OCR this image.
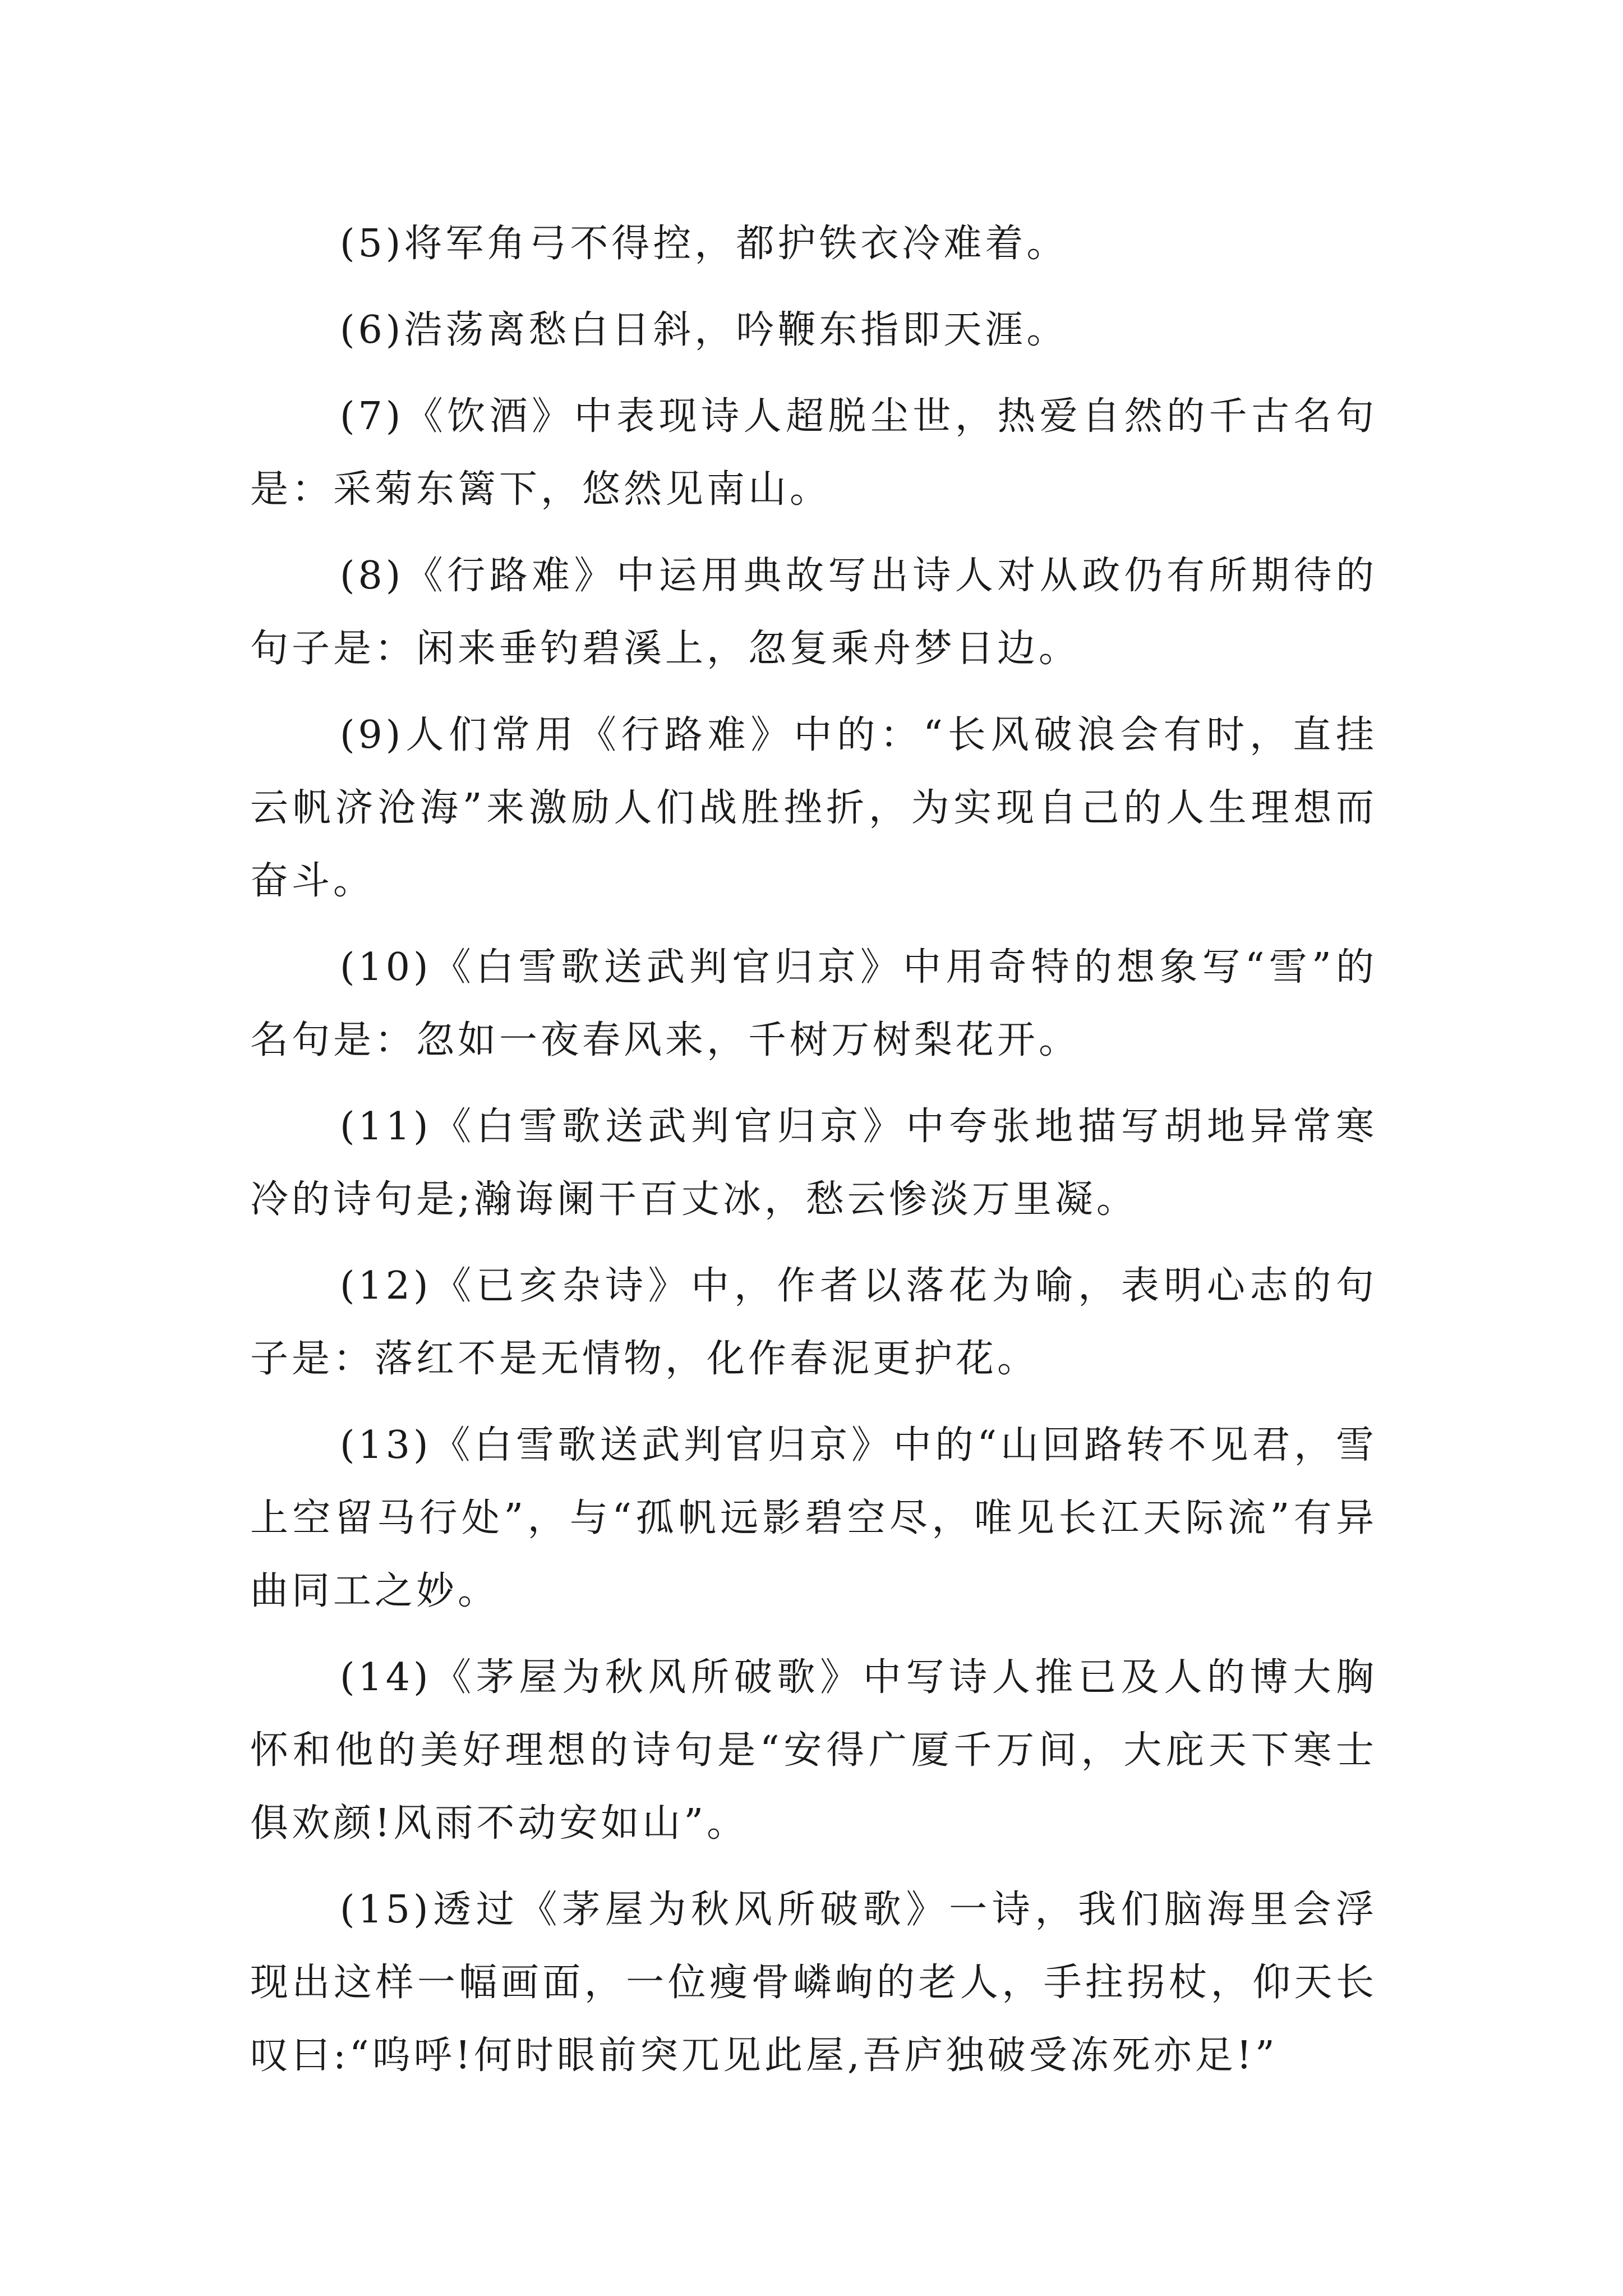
(5)将军角弓不得控，都护铁衣冷难着。

(6)浩荡离愁白日斜，吟鞭东指即天涯。

(7)《饮酒》中表现诗人超脱尘世，热爱自然的千古名句是：采菊东篱下，悠然见南山。

(8)《行路难》中运用典故写出诗人对从政仍有所期待的句子是：闲来垂钓碧溪上，忽复乘舟梦日边。

(9)人们常用《行路难》中的：“长风破浪会有时，直挂云帆济沧海”来激励人们战胜挫折，为实现自己的人生理想而奋斗。

(10)《白雪歌送武判官归京》中用奇特的想象写“雪”的名句是：忽如一夜春风来，千树万树梨花开。

(11)《白雪歌送武判官归京》中夸张地描写胡地异常寒冷的诗句是;瀚诲阑干百丈冰，愁云惨淡万里凝。

(12)《已亥杂诗》中，作者以落花为喻，表明心志的句子是：落红不是无情物，化作春泥更护花。

(13)《白雪歌送武判官归京》中的“山回路转不见君，雪上空留马行处”，与“孤帆远影碧空尽，唯见长江天际流”有异曲同工之妙。

(14)《茅屋为秋风所破歌》中写诗人推已及人的博大胸怀和他的美好理想的诗句是“安得广厦千万间，大庇天下寒士俱欢颜!风雨不动安如山”。

(15)透过《茅屋为秋风所破歌》一诗，我们脑海里会浮现出这样一幅画面，一位瘦骨嶙峋的老人，手拄拐杖，仰天长叹曰:“呜呼!何时眼前突兀见此屋,吾庐独破受冻死亦足!”
